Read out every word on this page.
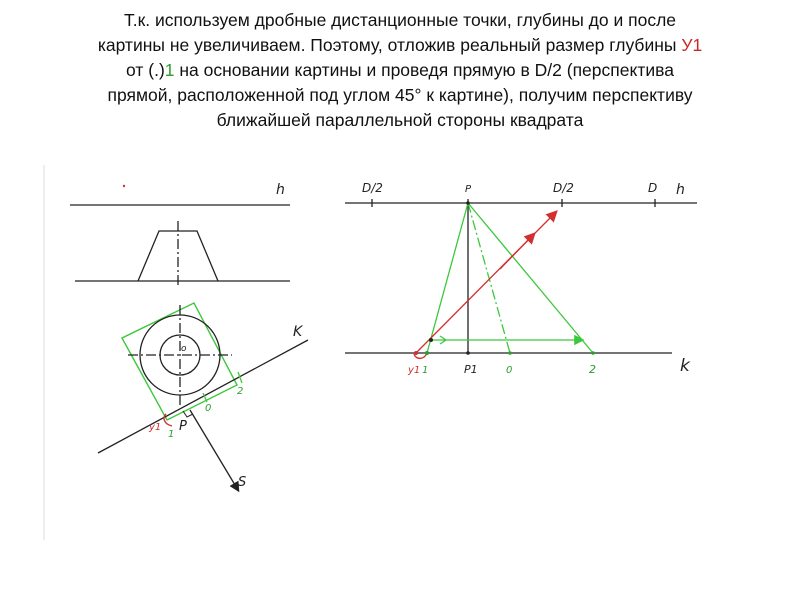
Т.к. используем дробные дистанционные точки, глубины до и после
картины не увеличиваем. Поэтому, отложив реальный размер глубины У1
от (.)1 на основании картины и проведя прямую в D/2 (перспектива
прямой, расположенной под углом 45° к картине), получим перспективу
ближайшей параллельной стороны квадрата
h
o
K
S
P
у1
1
0
2
D/2	P	D/2	D h
k
у1 1	P1	0	2
